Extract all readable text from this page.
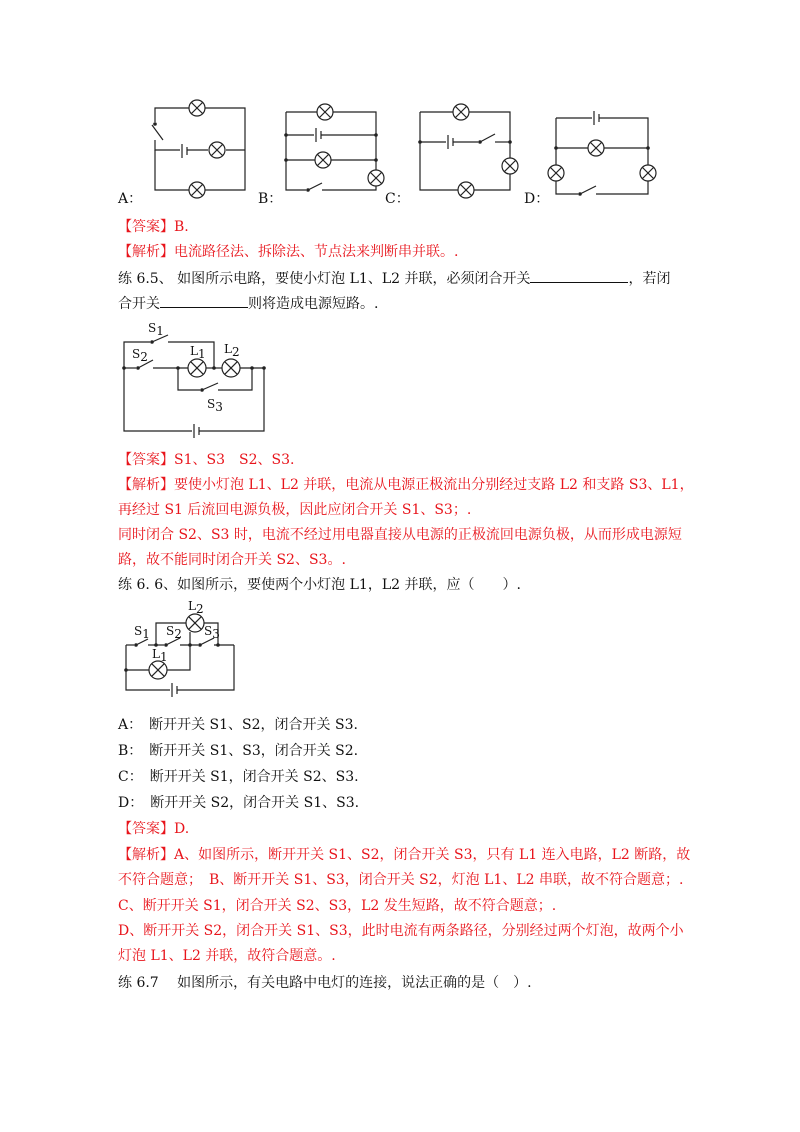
A：	B：	C：	D：
【答案】B.
【解析】电流路径法、拆除法、节点法来判断串并联。.
练 6.5、 如图所示电路，要使小灯泡 L1、L2 并联，必须闭合开关	，若闭
合开关	则将造成电源短路。.
S1
S2	L1 L2
S3
【答案】S1、S3　S2、S3.
【解析】要使小灯泡 L1、L2 并联，电流从电源正极流出分别经过支路 L2 和支路 S3、L1，
再经过 S1 后流回电源负极，因此应闭合开关 S1、S3；.
同时闭合 S2、S3 时，电流不经过用电器直接从电源的正极流回电源负极，从而形成电源短
路，故不能同时闭合开关 S2、S3。.
练 6. 6、如图所示，要使两个小灯泡 L1，L2 并联，应（　　）.
L2
S1 S2 S3
L1
A：　断开开关 S1、S2，闭合开关 S3.
B：　断开开关 S1、S3，闭合开关 S2.
C：　断开开关 S1，闭合开关 S2、S3.
D：　断开开关 S2，闭合开关 S1、S3.
【答案】D.
【解析】A、如图所示，断开开关 S1、S2，闭合开关 S3，只有 L1 连入电路，L2 断路，故
不符合题意；　B、断开开关 S1、S3，闭合开关 S2，灯泡 L1、L2 串联，故不符合题意；.
C、断开开关 S1，闭合开关 S2、S3，L2 发生短路，故不符合题意；.
D、断开开关 S2，闭合开关 S1、S3，此时电流有两条路径，分别经过两个灯泡，故两个小
灯泡 L1、L2 并联，故符合题意。.
练 6.7　 如图所示，有关电路中电灯的连接，说法正确的是（　）.
